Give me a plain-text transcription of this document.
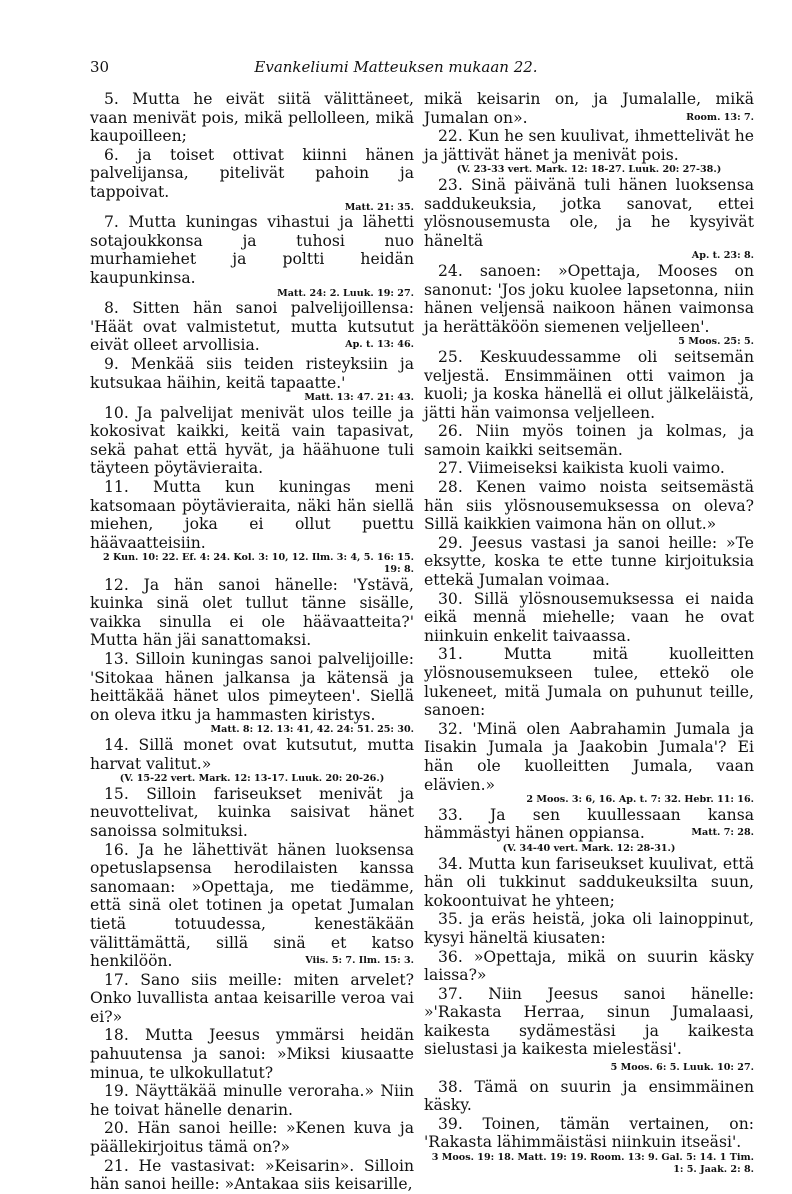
30	Evankeliumi Matteuksen mukaan 22.

5. Mutta he eivät siitä välittäneet, vaan menivät pois, mikä pellolleen, mikä kaupoilleen;

6. ja toiset ottivat kiinni hänen palvelijansa, pitelivät pahoin ja tappoivat.

Matt. 21: 35.

7. Mutta kuningas vihastui ja lähetti sotajoukkonsa ja tuhosi nuo murhamiehet ja poltti heidän kaupunkinsa.

Matt. 24: 2. Luuk. 19: 27.

8. Sitten hän sanoi palvelijoillensa: 'Häät ovat valmistetut, mutta kutsutut eivät olleet arvollisia.	Ap. t. 13: 46.

9. Menkää siis teiden risteyksiin ja kutsukaa häihin, keitä tapaatte.'

Matt. 13: 47. 21: 43.

10. Ja palvelijat menivät ulos teille ja kokosivat kaikki, keitä vain tapasivat, sekä pahat että hyvät, ja häähuone tuli täyteen pöytävieraita.

11. Mutta kun kuningas meni katsomaan pöytävieraita, näki hän siellä miehen, joka ei ollut puettu häävaatteisiin.

2 Kun. 10: 22. Ef. 4: 24. Kol. 3: 10, 12. Ilm. 3: 4, 5. 16: 15. 19: 8.

12. Ja hän sanoi hänelle: 'Ystävä, kuinka sinä olet tullut tänne sisälle, vaikka sinulla ei ole häävaatteita?' Mutta hän jäi sanattomaksi.

13. Silloin kuningas sanoi palvelijoille: 'Sitokaa hänen jalkansa ja kätensä ja heittäkää hänet ulos pimeyteen'. Siellä on oleva itku ja hammasten kiristys.

Matt. 8: 12. 13: 41, 42. 24: 51. 25: 30.

14. Sillä monet ovat kutsutut, mutta harvat valitut.»

(V. 15-22 vert. Mark. 12: 13-17. Luuk. 20: 20-26.)

15. Silloin fariseukset menivät ja neuvottelivat, kuinka saisivat hänet sanoissa solmituksi.

16. Ja he lähettivät hänen luoksensa opetuslapsensa herodilaisten kanssa sanomaan: »Opettaja, me tiedämme, että sinä olet totinen ja opetat Jumalan tietä totuudessa, kenestäkään välittämättä, sillä sinä et katso henkilöön.	Viis. 5: 7. Ilm. 15: 3.

17. Sano siis meille: miten arvelet? Onko luvallista antaa keisarille veroa vai ei?»

18. Mutta Jeesus ymmärsi heidän pahuutensa ja sanoi: »Miksi kiusaatte minua, te ulkokullatut?

19. Näyttäkää minulle veroraha.» Niin he toivat hänelle denarin.

20. Hän sanoi heille: »Kenen kuva ja päällekirjoitus tämä on?»

21. He vastasivat: »Keisarin». Silloin hän sanoi heille: »Antakaa siis keisarille,

mikä keisarin on, ja Jumalalle, mikä Jumalan on».	Room. 13: 7.

22. Kun he sen kuulivat, ihmettelivät he ja jättivät hänet ja menivät pois.

(V. 23-33 vert. Mark. 12: 18-27. Luuk. 20: 27-38.)

23. Sinä päivänä tuli hänen luoksensa saddukeuksia, jotka sanovat, ettei ylösnousemusta ole, ja he kysyivät häneltä

Ap. t. 23: 8.

24. sanoen: »Opettaja, Mooses on sanonut: 'Jos joku kuolee lapsetonna, niin hänen veljensä naikoon hänen vaimonsa ja herättäköön siemenen veljelleen'.

5 Moos. 25: 5.

25. Keskuudessamme oli seitsemän veljestä. Ensimmäinen otti vaimon ja kuoli; ja koska hänellä ei ollut jälkeläistä, jätti hän vaimonsa veljelleen.

26. Niin myös toinen ja kolmas, ja samoin kaikki seitsemän.

27. Viimeiseksi kaikista kuoli vaimo.

28. Kenen vaimo noista seitsemästä hän siis ylösnousemuksessa on oleva? Sillä kaikkien vaimona hän on ollut.»

29. Jeesus vastasi ja sanoi heille: »Te eksytte, koska te ette tunne kirjoituksia ettekä Jumalan voimaa.

30. Sillä ylösnousemuksessa ei naida eikä mennä miehelle; vaan he ovat niinkuin enkelit taivaassa.

31. Mutta mitä kuolleitten ylösnousemukseen tulee, ettekö ole lukeneet, mitä Jumala on puhunut teille, sanoen:

32. 'Minä olen Aabrahamin Jumala ja Iisakin Jumala ja Jaakobin Jumala'? Ei hän ole kuolleitten Jumala, vaan elävien.»

2 Moos. 3: 6, 16. Ap. t. 7: 32. Hebr. 11: 16.

33. Ja sen kuullessaan kansa hämmästyi hänen oppiansa.	Matt. 7: 28.

(V. 34-40 vert. Mark. 12: 28-31.)

34. Mutta kun fariseukset kuulivat, että hän oli tukkinut saddukeuksilta suun, kokoontuivat he yhteen;

35. ja eräs heistä, joka oli lainoppinut, kysyi häneltä kiusaten:

36. »Opettaja, mikä on suurin käsky laissa?»

37. Niin Jeesus sanoi hänelle: »'Rakasta Herraa, sinun Jumalaasi, kaikesta sydämestäsi ja kaikesta sielustasi ja kaikesta mielestäsi'.
5 Moos. 6: 5. Luuk. 10: 27.

38. Tämä on suurin ja ensimmäinen käsky.

39. Toinen, tämän vertainen, on: 'Rakasta lähimmäistäsi niinkuin itseäsi'.

3 Moos. 19: 18. Matt. 19: 19. Room. 13: 9. Gal. 5: 14. 1 Tim. 1: 5. Jaak. 2: 8.
